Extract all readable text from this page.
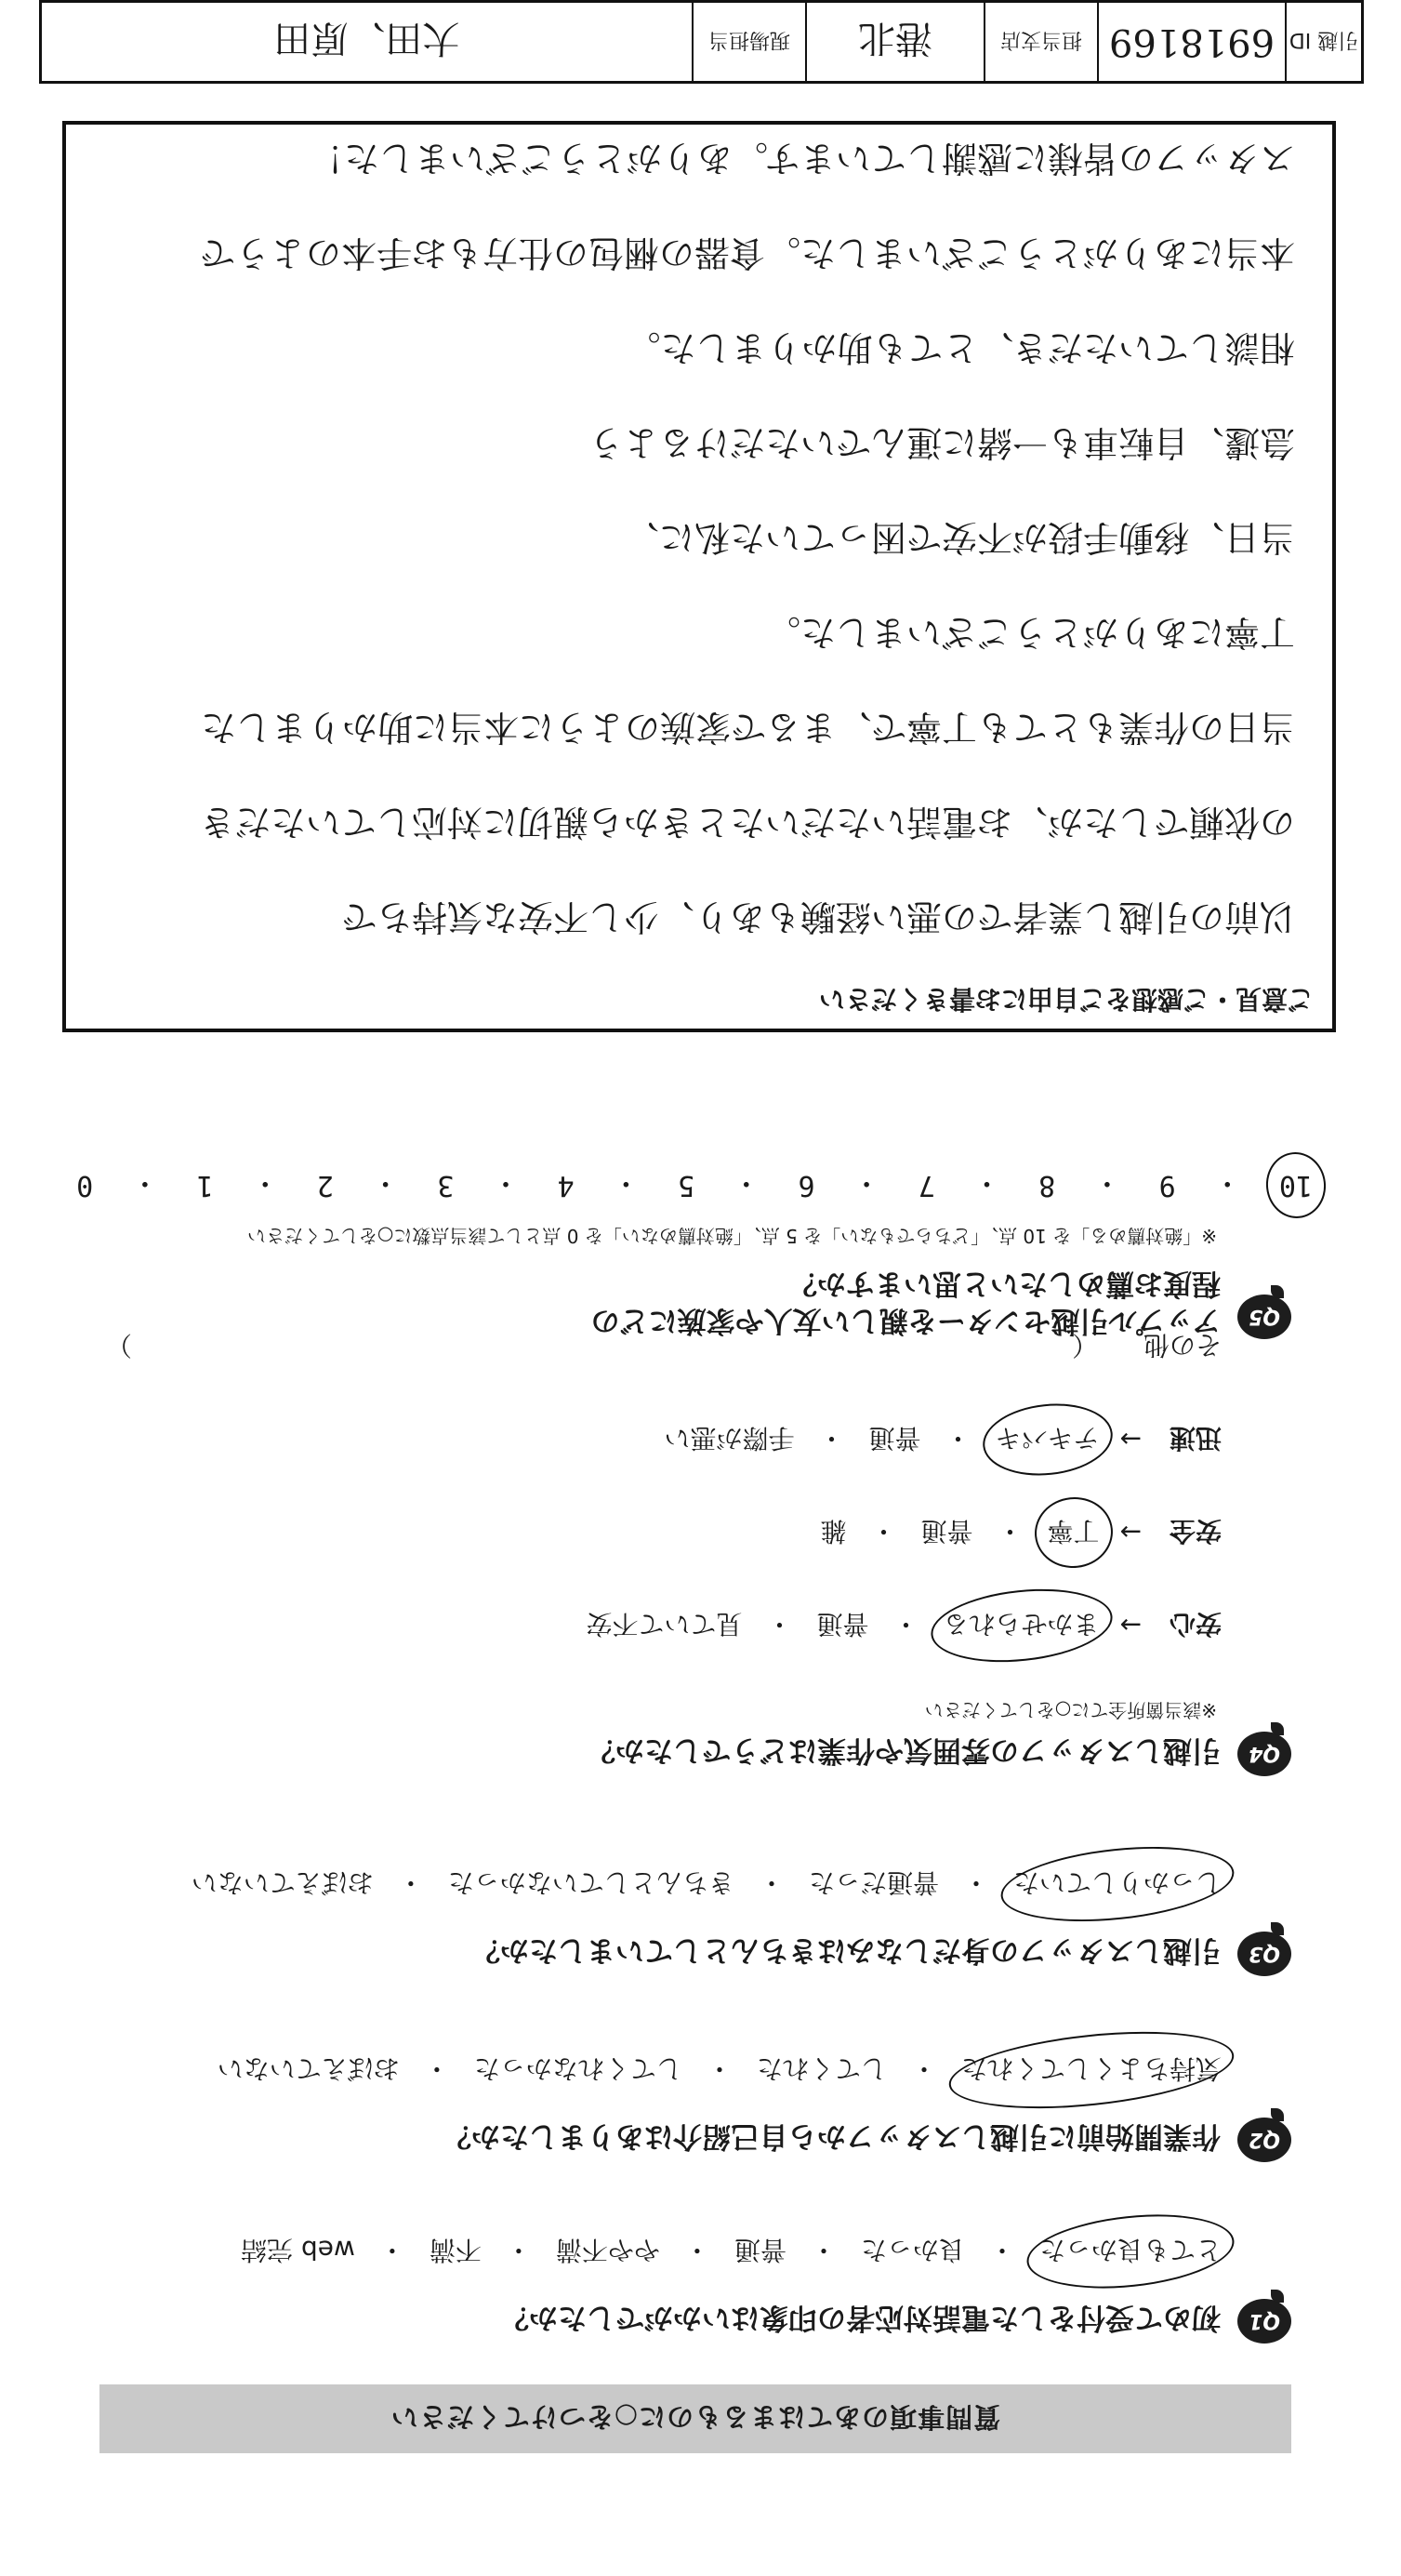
質問事項のあてはまるものに○をつけてください
Q1
初めて受付をした電話対応者の印象はいかがでしたか？
とても良かった
・
良かった
・
普通
・
やや不満
・
不満
・
web 完結
Q2
作業開始前に引越しスタッフから自己紹介はありましたか？
気持ちよくしてくれた
・
してくれた
・
してくれなかった
・
おぼえていない
Q3
引越しスタッフの身だしなみはきちんとしていましたか？
しっかりしていた
・
普通だった
・
きちんとしていなかった
・
おぼえていない
Q4
引越しスタッフの雰囲気や作業はどうでしたか？
※該当箇所全てに○をしてください
安心
→
まかせられる
・
普通
・
見ていて不安
安全
→
丁寧
・
普通
・
雑
迅速
→
テキパキ
・
普通
・
手際が悪い
その他 （
）
Q5
アップル引越センターを親しい友人や家族にどの程度お薦めしたいと思いますか？
※「絶対薦める」を 10 点、「どちらでもない」を 5 点、「絶対薦めない」を 0 点として該当点数に○をしてください
10
・
9
・
8
・
7
・
6
・
5
・
4
・
3
・
2
・
1
・
0
ご意見・ご感想をご自由にお書きください
以前の引越し業者での悪い経験もあり、少し不安な気持ちで
の依頼でしたが、お電話いただいたときから親切に対応していただき
当日の作業もとても丁寧で、まるで家族のように本当に助かりました
丁寧にありがとうございました。
当日、移動手段が不安で困っていた私に、
急遽、自転車も一緒に運んでいただけるよう
相談していただき、とても助かりました。
本当にありがとうございました。食器の梱包の仕方もお手本のようで
スタッフの皆様に感謝しています。ありがとうございました！
引越 ID
6918169
担当支店
港北
現場担当
大田、原田
